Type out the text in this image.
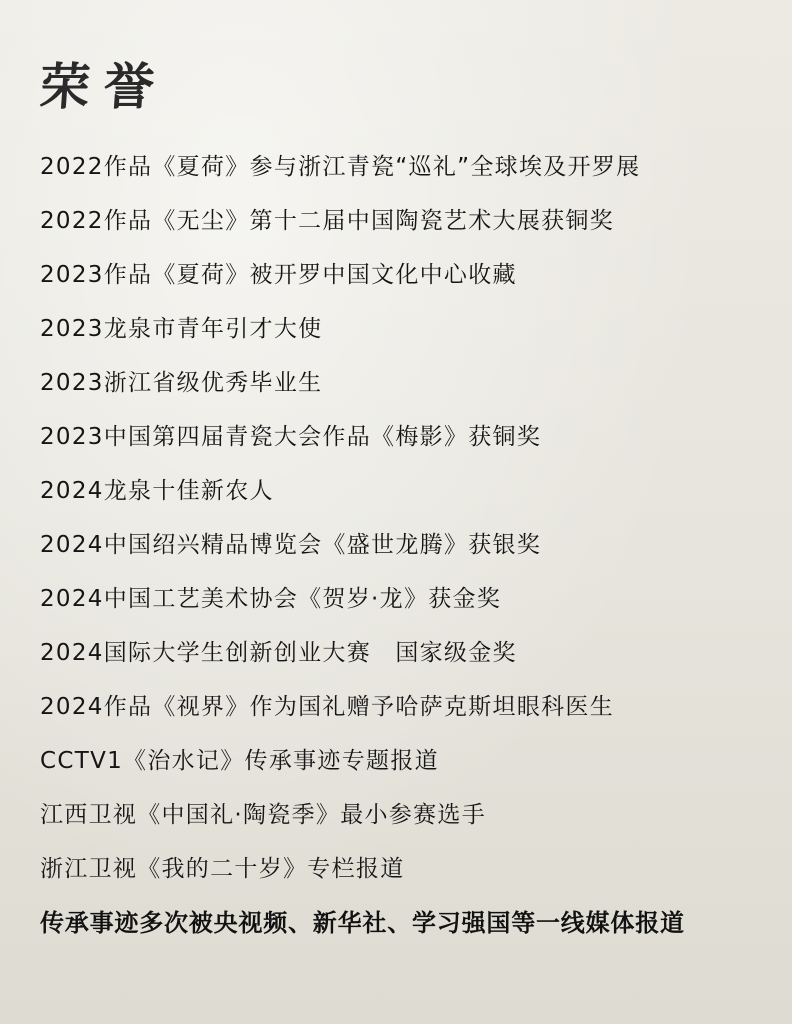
荣誉
2022作品《夏荷》参与浙江青瓷“巡礼”全球埃及开罗展
2022作品《无尘》第十二届中国陶瓷艺术大展获铜奖
2023作品《夏荷》被开罗中国文化中心收藏
2023龙泉市青年引才大使
2023浙江省级优秀毕业生
2023中国第四届青瓷大会作品《梅影》获铜奖
2024龙泉十佳新农人
2024中国绍兴精品博览会《盛世龙腾》获银奖
2024中国工艺美术协会《贺岁·龙》获金奖
2024国际大学生创新创业大赛　国家级金奖
2024作品《视界》作为国礼赠予哈萨克斯坦眼科医生
CCTV1《治水记》传承事迹专题报道
江西卫视《中国礼·陶瓷季》最小参赛选手
浙江卫视《我的二十岁》专栏报道
传承事迹多次被央视频、新华社、学习强国等一线媒体报道
